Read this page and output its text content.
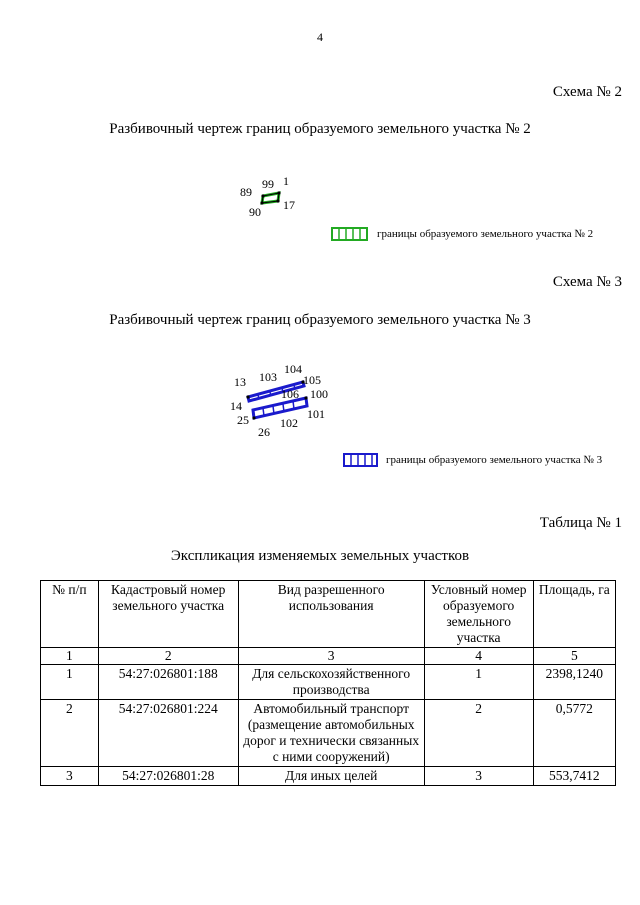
4
Схема № 2
Разбивочный чертеж границ образуемого земельного участка № 2
Схема № 3
Разбивочный чертеж границ образуемого земельного участка № 3
89
99 1
90 17
границы образуемого земельного участка № 2
13 103
104
105
106 100
14
25
26
102
101
границы образуемого земельного участка № 3
Таблица № 1
Экспликация изменяемых земельных участков
№ п/п	Кадастровый номер земельного участка	Вид разрешенного использования	Условный номер образуемого земельного участка	Площадь, га
1	2	3	4	5
1	54:27:026801:188	Для сельскохозяйственного производства	1	2398,1240
2	54:27:026801:224	Автомобильный транспорт (размещение автомобильных дорог и технически связанных с ними сооружений)	2	0,5772
3	54:27:026801:28	Для иных целей	3	553,7412
